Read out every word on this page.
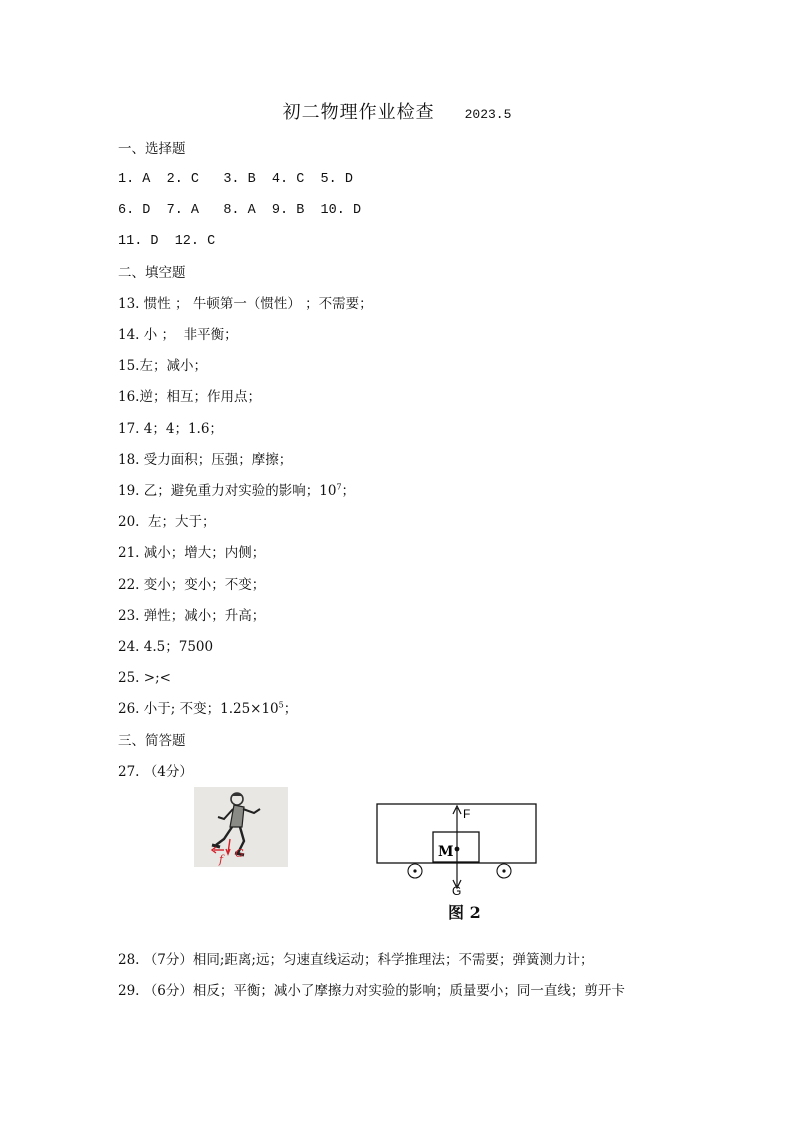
初二物理作业检查 2023.5
一、选择题
1. A  2. C   3. B  4. C  5. D
6. D  7. A   8. A  9. B  10. D
11. D  12. C
二、填空题
13. 惯性 ； 牛顿第一（惯性） ；不需要；
14. 小 ；  非平衡；
15.左；减小；
16.逆；相互；作用点；
17. 4；4；1.6；
18. 受力面积；压强；摩擦；
19. 乙；避免重力对实验的影响；$10^7$；
20.  左；大于；
21. 减小；增大；内侧；
22. 变小；变小；不变；
23. 弹性；减小；升高；
24. 4.5；7500
25. >;<
26. 小于; 不变；$1.25\times 10^5$；
三、简答题
27. （4分）
f G	M
F
G
图 2
28. （7分）相同;距离;远；匀速直线运动；科学推理法；不需要；弹簧测力计；
29. （6分）相反；平衡；减小了摩擦力对实验的影响；质量要小；同一直线；剪开卡
